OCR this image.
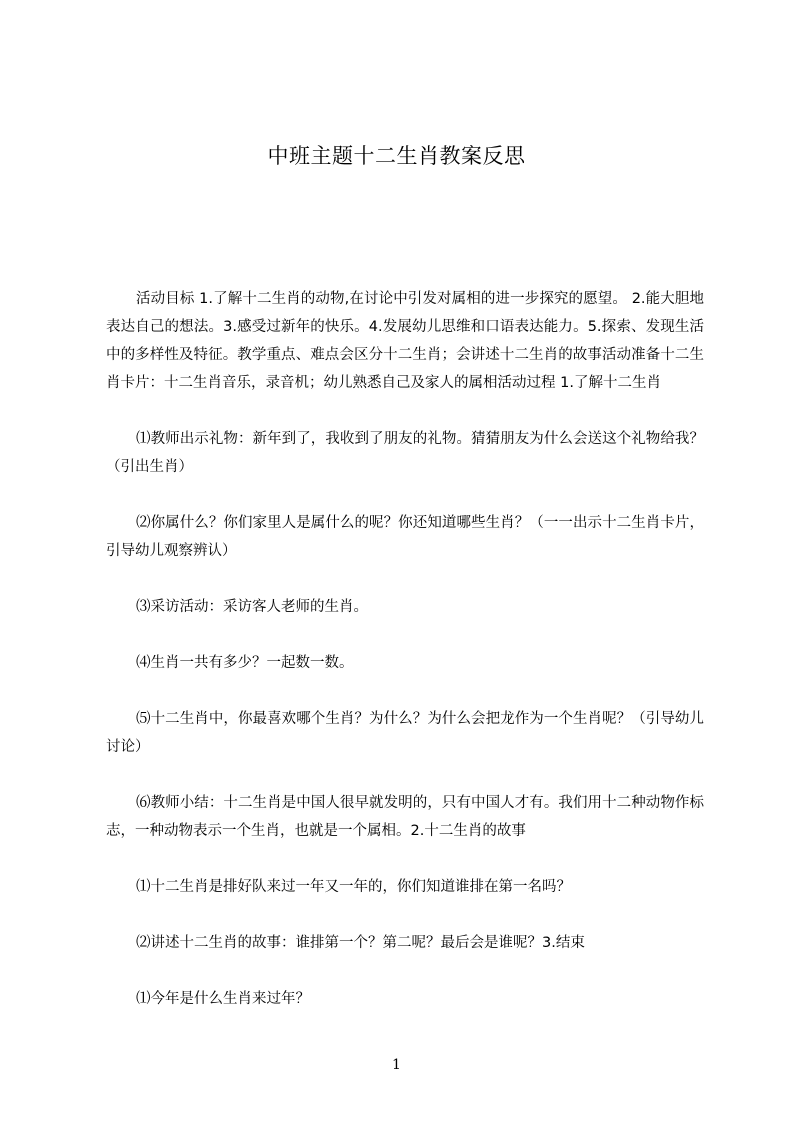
中班主题十二生肖教案反思

活动目标 1.了解十二生肖的动物,在讨论中引发对属相的进一步探究的愿望。 2.能大胆地表达自己的想法。3.感受过新年的快乐。4.发展幼儿思维和口语表达能力。5.探索、发现生活中的多样性及特征。教学重点、难点会区分十二生肖；会讲述十二生肖的故事活动准备十二生肖卡片：十二生肖音乐，录音机；幼儿熟悉自己及家人的属相活动过程 1.了解十二生肖

⑴教师出示礼物：新年到了，我收到了朋友的礼物。猜猜朋友为什么会送这个礼物给我？（引出生肖）

⑵你属什么？你们家里人是属什么的呢？你还知道哪些生肖？（一一出示十二生肖卡片，引导幼儿观察辨认）

⑶采访活动：采访客人老师的生肖。

⑷生肖一共有多少？一起数一数。

⑸十二生肖中，你最喜欢哪个生肖？为什么？为什么会把龙作为一个生肖呢？（引导幼儿讨论）

⑹教师小结：十二生肖是中国人很早就发明的，只有中国人才有。我们用十二种动物作标志，一种动物表示一个生肖，也就是一个属相。2.十二生肖的故事

⑴十二生肖是排好队来过一年又一年的，你们知道谁排在第一名吗？

⑵讲述十二生肖的故事：谁排第一个？第二呢？最后会是谁呢？3.结束

⑴今年是什么生肖来过年？

1
